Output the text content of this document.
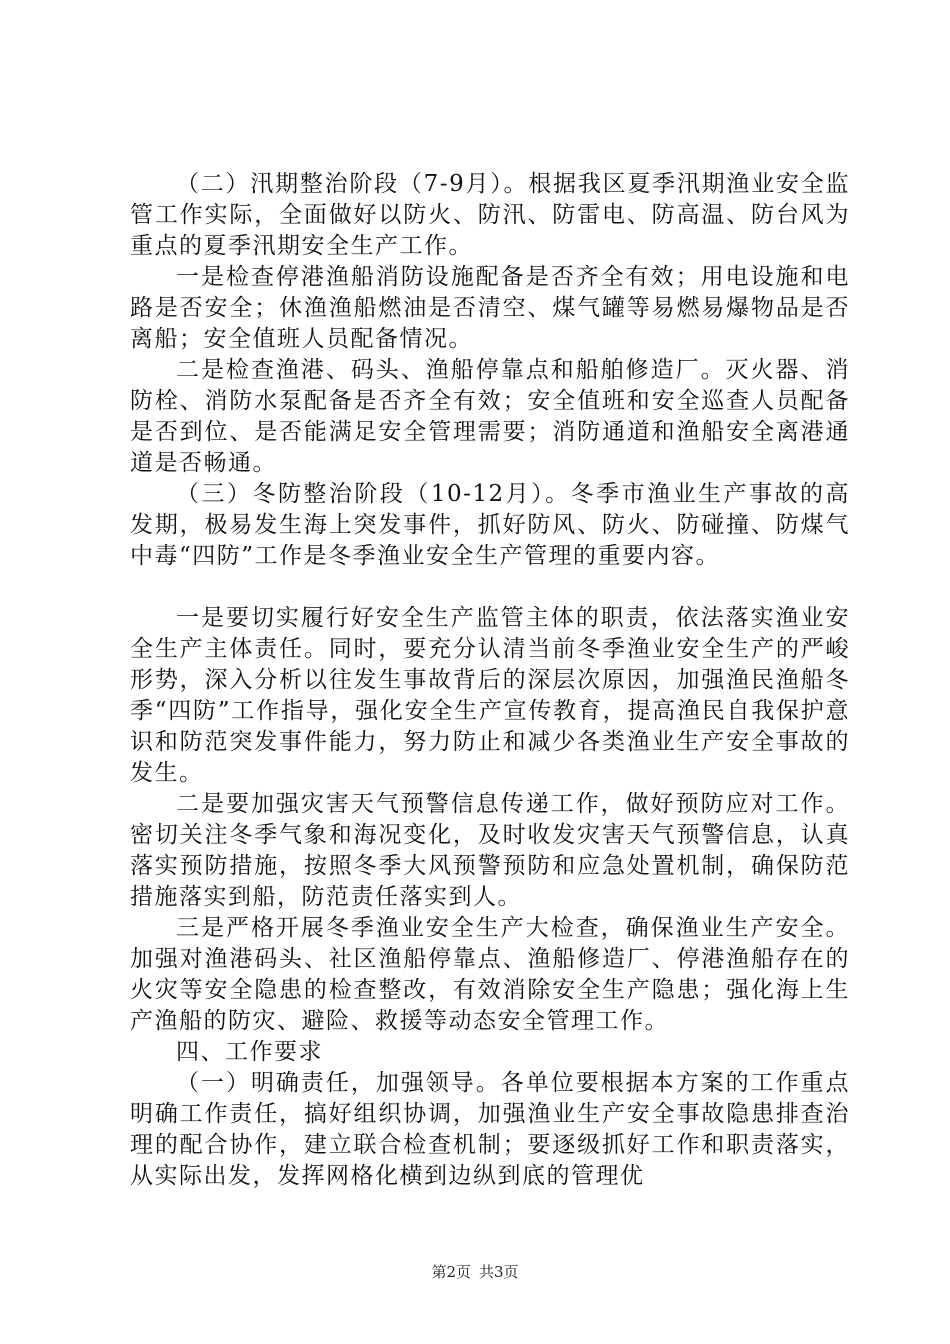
（二）汛期整治阶段（7-9月）。根据我区夏季汛期渔业安全监管工作实际，全面做好以防火、防汛、防雷电、防高温、防台风为重点的夏季汛期安全生产工作。

一是检查停港渔船消防设施配备是否齐全有效；用电设施和电路是否安全；休渔渔船燃油是否清空、煤气罐等易燃易爆物品是否离船；安全值班人员配备情况。

二是检查渔港、码头、渔船停靠点和船舶修造厂。灭火器、消防栓、消防水泵配备是否齐全有效；安全值班和安全巡查人员配备是否到位、是否能满足安全管理需要；消防通道和渔船安全离港通道是否畅通。

（三）冬防整治阶段（10-12月）。冬季市渔业生产事故的高发期，极易发生海上突发事件，抓好防风、防火、防碰撞、防煤气中毒“四防”工作是冬季渔业安全生产管理的重要内容。

一是要切实履行好安全生产监管主体的职责，依法落实渔业安全生产主体责任。同时，要充分认清当前冬季渔业安全生产的严峻形势，深入分析以往发生事故背后的深层次原因，加强渔民渔船冬季“四防”工作指导，强化安全生产宣传教育，提高渔民自我保护意识和防范突发事件能力，努力防止和减少各类渔业生产安全事故的发生。

二是要加强灾害天气预警信息传递工作，做好预防应对工作。密切关注冬季气象和海况变化，及时收发灾害天气预警信息，认真落实预防措施，按照冬季大风预警预防和应急处置机制，确保防范措施落实到船，防范责任落实到人。

三是严格开展冬季渔业安全生产大检查，确保渔业生产安全。加强对渔港码头、社区渔船停靠点、渔船修造厂、停港渔船存在的火灾等安全隐患的检查整改，有效消除安全生产隐患；强化海上生产渔船的防灾、避险、救援等动态安全管理工作。

四、工作要求

（一）明确责任，加强领导。各单位要根据本方案的工作重点明确工作责任，搞好组织协调，加强渔业生产安全事故隐患排查治理的配合协作，建立联合检查机制；要逐级抓好工作和职责落实，从实际出发，发挥网格化横到边纵到底的管理优

第2页 共3页
